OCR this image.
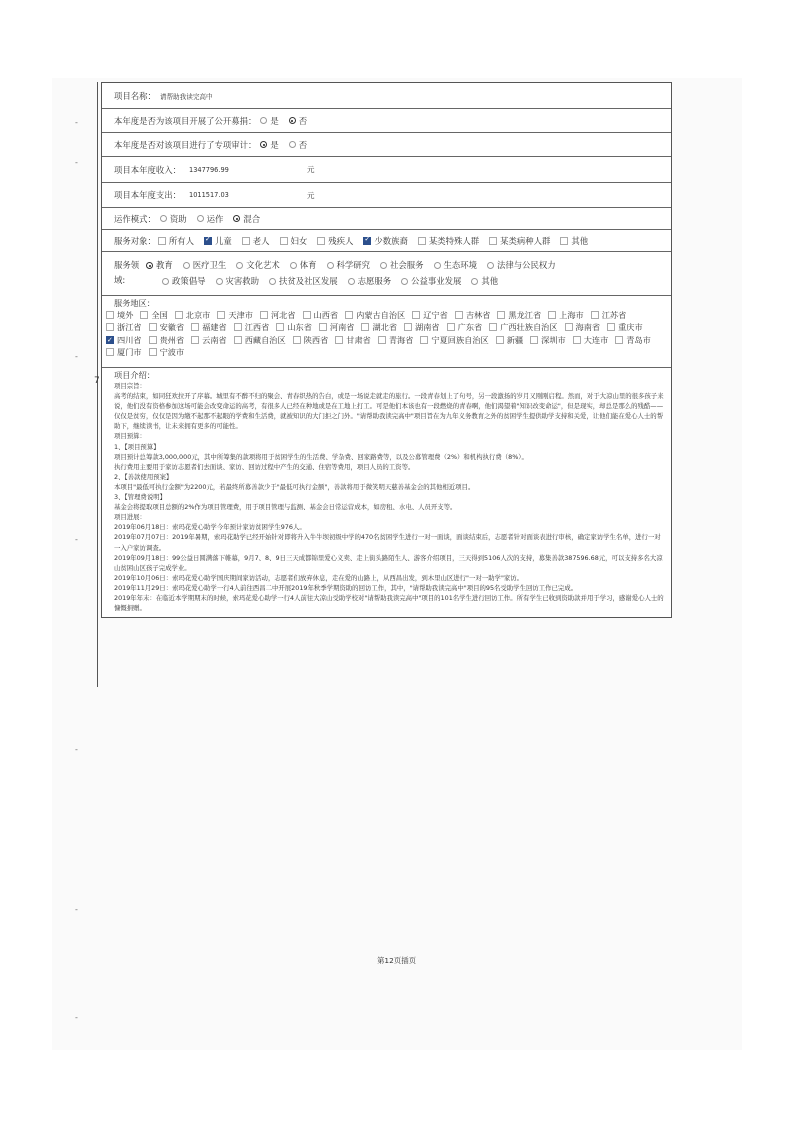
-
-
-
-
-
-
-
项目名称： 请帮助我读完高中
本年度是否为该项目开展了公开募捐： 是 否
本年度是否对该项目进行了专项审计： 是 否
项目本年度收入： 1347796.99	元
项目本年度支出： 1011517.03	元
运作模式： 资助 运作 混合
服务对象： 所有人 ✓	儿童	老人	妇女	残疾人 ✓	少数族裔	某类特殊人群	某类病种人群	其他
服务领
域:
教育 医疗卫生 文化艺术 体育 科学研究 社会服务 生态环境 法律与公民权力
政策倡导 灾害救助 扶贫及社区发展 志愿服务 公益事业发展 其他
服务地区：
境外 全国 北京市 天津市 河北省 山西省 内蒙古自治区 辽宁省 吉林省 黑龙江省 上海市 江苏省
浙江省 安徽省 福建省 江西省 山东省 河南省 湖北省 湖南省 广东省 广西壮族自治区 海南省 重庆市
✓
四川省 贵州省 云南省 西藏自治区 陕西省 甘肃省 青海省 宁夏回族自治区 新疆 深圳市 大连市 青岛市
厦门市 宁波市
7
项目介绍：

项目宗旨：

高考的结束，如同狂欢拉开了序幕。城里有不醉不归的聚会、青春织热的告白，或是一场说走就走的旅行。一段青春划上了句号，另一段激扬的岁月又刚刚启程。然而，对于大凉山里的很多孩子来说，他们没有资格参加这场可能会改变命运的高考，有很多人已经在种地或是在工地上打工。可是他们本该也有一段燃烧的青春啊，他们渴望着"知识改变命运"，但是现实，却总是那么的残酷——仅仅是贫穷，仅仅是因为缴不起那不起眼的学费和生活费，就被知识的大门拒之门外。"请帮助我读完高中"项目旨在为九年义务教育之外的贫困学生提供助学支持和关爱，让他们能在爱心人士的帮助下，继续读书，让未来拥有更多的可能性。

项目预算：

1、【项目预算】

项目预计总筹款3,000,000元，其中所筹集的款项将用于贫困学生的生活费、学杂费、回家路费等，以及公募管理费（2%）和机构执行费（8%）。

执行费用主要用于家访志愿者们去面谈、家访、回访过程中产生的交通、住宿等费用，项目人员的工资等。

2、【善款使用预案】

本项目"最低可执行金额"为2200元，若最终所募善款少于"最低可执行金额"，善款将用于微笑明天慈善基金会的其他相近项目。

3、【管理费说明】

基金会将提取项目总额的2%作为项目管理费，用于项目管理与监测、基金会日常运营成本，如房租、水电、人员开支等。

项目进展：

2019年06月18日：索玛花爱心助学今年预计家访贫困学生976人。

2019年07月07日：2019年暑期，索玛花助学已经开始针对即将升入牛牛坝初级中学的470名贫困学生进行一对一面谈，面谈结束后，志愿者针对面谈表进行审核，确定家访学生名单，进行一对一入户家访调查。

2019年09月18日：99公益日圆满落下帷幕，9月7、8、9日三天成都锦里爱心义卖、走上街头路陌生人、游客介绍项目，三天得到5106人次的支持，募集善款387596.68元，可以支持多名大凉山贫困山区孩子完成学业。

2019年10月06日：索玛花爱心助学国庆期间家访活动，志愿者们放弃休息，走在爱的山路上，从西昌出发，到木里山区进行"一对一助学"家访。

2019年11月29日：索玛花爱心助学一行4人前往西昌二中开展2019年秋季学期资助的回访工作，其中，"请帮助我读完高中"项目的95名受助学生回访工作已完成。

2019年年末：在临近本学期期末的时候，索玛花爱心助学一行4人前往大凉山受助学校对"请帮助我读完高中"项目的101名学生进行回访工作。所有学生已收到资助款并用于学习，感谢爱心人士的慷慨捐赠。

第12页插页
